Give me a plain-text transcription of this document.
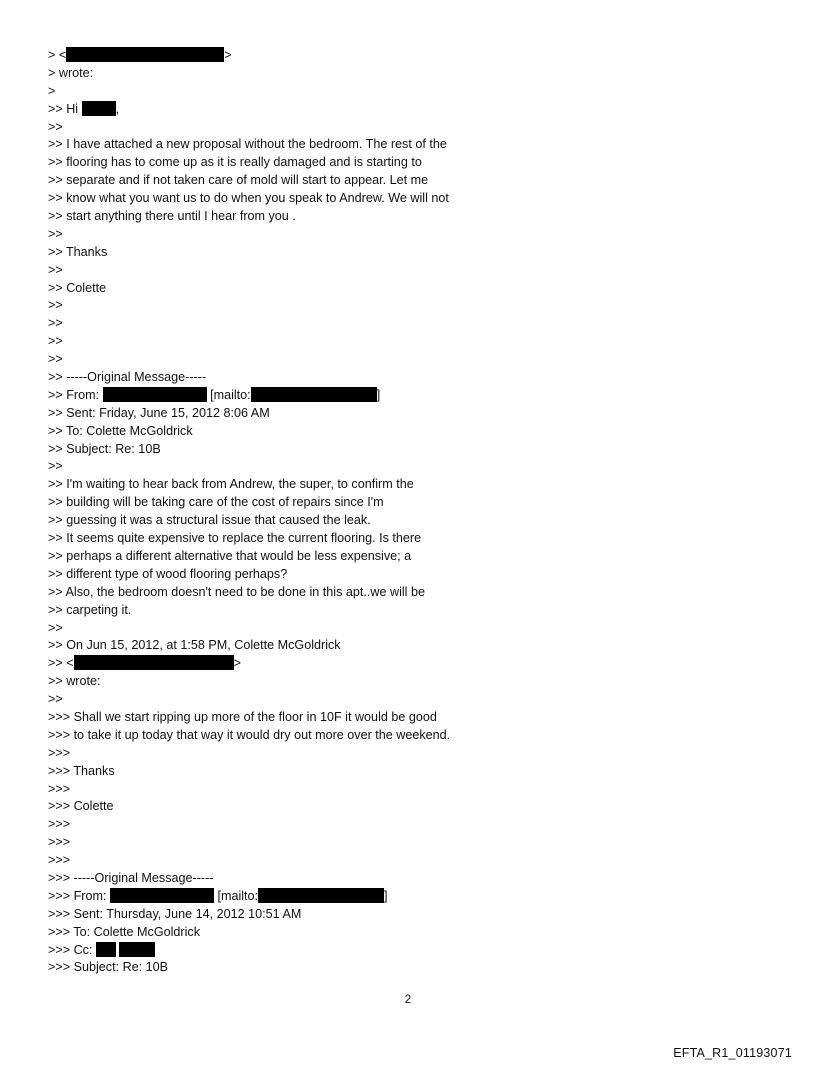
> <	>
> wrote:
>
>> Hi	,
>>
>> I have attached a new proposal without the bedroom. The rest of the
>> flooring has to come up as it is really damaged and is starting to
>> separate and if not taken care of mold will start to appear. Let me
>> know what you want us to do when you speak to Andrew. We will not
>> start anything there until I hear from you .
>>
>> Thanks
>>
>> Colette
>>
>>
>>
>>
>> -----Original Message-----
>> From:	[mailto:	]
>> Sent: Friday, June 15, 2012 8:06 AM
>> To: Colette McGoldrick
>> Subject: Re: 10B
>>
>> I'm waiting to hear back from Andrew, the super, to confirm the
>> building will be taking care of the cost of repairs since I'm
>> guessing it was a structural issue that caused the leak.
>> It seems quite expensive to replace the current flooring. Is there
>> perhaps a different alternative that would be less expensive; a
>> different type of wood flooring perhaps?
>> Also, the bedroom doesn't need to be done in this apt..we will be
>> carpeting it.
>>
>> On Jun 15, 2012, at 1:58 PM, Colette McGoldrick
>> <	>
>> wrote:
>>
>>> Shall we start ripping up more of the floor in 10F it would be good
>>> to take it up today that way it would dry out more over the weekend.
>>>
>>> Thanks
>>>
>>> Colette
>>>
>>>
>>>
>>> -----Original Message-----
>>> From:	[mailto:	]
>>> Sent: Thursday, June 14, 2012 10:51 AM
>>> To: Colette McGoldrick
>>> Cc:
>>> Subject: Re: 10B
2
EFTA_R1_01193071
